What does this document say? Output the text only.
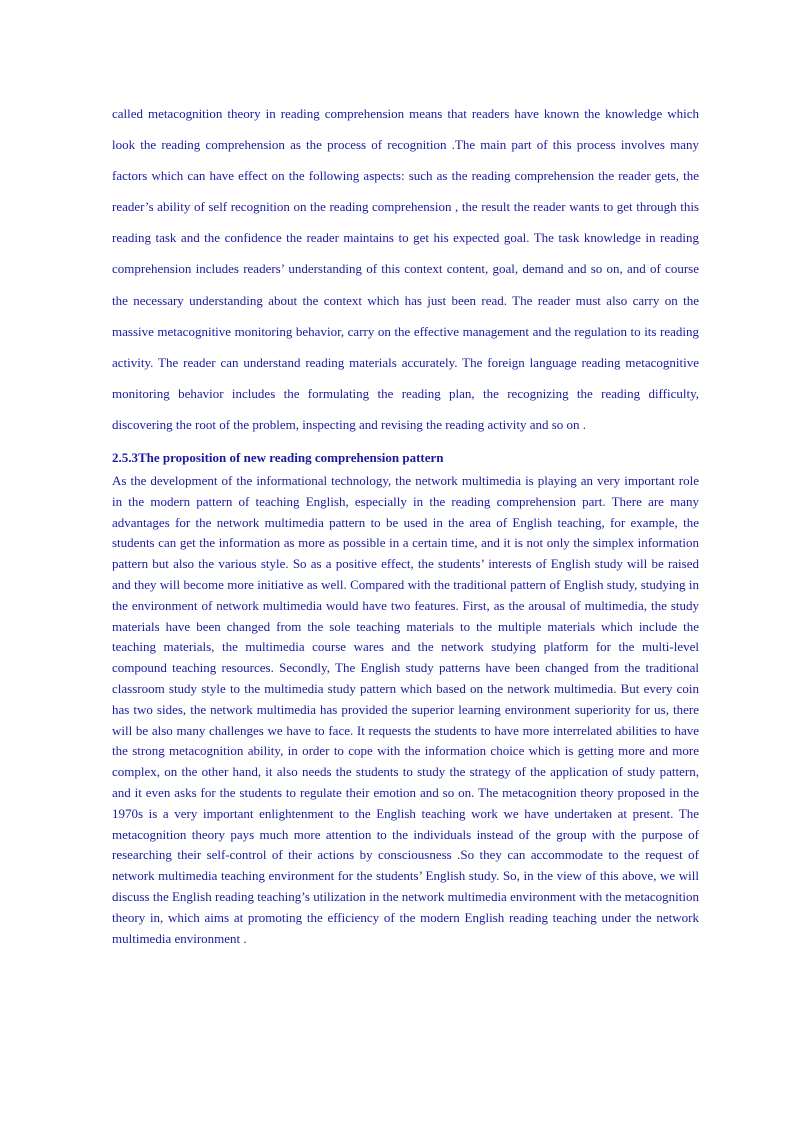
called metacognition theory in reading comprehension means that readers have known the knowledge which look the reading comprehension as the process of recognition .The main part of this process involves many factors which can have effect on the following aspects: such as the reading comprehension the reader gets, the reader’s ability of self recognition on the reading comprehension , the result the reader wants to get through this reading task and the confidence the reader maintains to get his expected goal. The task knowledge in reading comprehension includes readers’ understanding of this context content, goal, demand and so on, and of course the necessary understanding about the context which has just been read. The reader must also carry on the massive metacognitive monitoring behavior, carry on the effective management and the regulation to its reading activity. The reader can understand reading materials accurately. The foreign language reading metacognitive monitoring behavior includes the formulating the reading plan, the recognizing the reading difficulty, discovering the root of the problem, inspecting and revising the reading activity and so on .

2.5.3The proposition of new reading comprehension pattern

As the development of the informational technology, the network multimedia is playing an very important role in the modern pattern of teaching English, especially in the reading comprehension part. There are many advantages for the network multimedia pattern to be used in the area of English teaching, for example, the students can get the information as more as possible in a certain time, and it is not only the simplex information pattern but also the various style. So as a positive effect, the students’ interests of English study will be raised and they will become more initiative as well. Compared with the traditional pattern of English study, studying in the environment of network multimedia would have two features. First, as the arousal of multimedia, the study materials have been changed from the sole teaching materials to the multiple materials which include the teaching materials, the multimedia course wares and the network studying platform for the multi-level compound teaching resources. Secondly, The English study patterns have been changed from the traditional classroom study style to the multimedia study pattern which based on the network multimedia. But every coin has two sides, the network multimedia has provided the superior learning environment superiority for us, there will be also many challenges we have to face. It requests the students to have more interrelated abilities to have the strong metacognition ability, in order to cope with the information choice which is getting more and more complex, on the other hand, it also needs the students to study the strategy of the application of study pattern, and it even asks for the students to regulate their emotion and so on. The metacognition theory proposed in the 1970s is a very important enlightenment to the English teaching work we have undertaken at present. The metacognition theory pays much more attention to the individuals instead of the group with the purpose of researching their self-control of their actions by consciousness .So they can accommodate to the request of network multimedia teaching environment for the students’ English study. So, in the view of this above, we will discuss the English reading teaching’s utilization in the network multimedia environment with the metacognition theory in, which aims at promoting the efficiency of the modern English reading teaching under the network multimedia environment .
